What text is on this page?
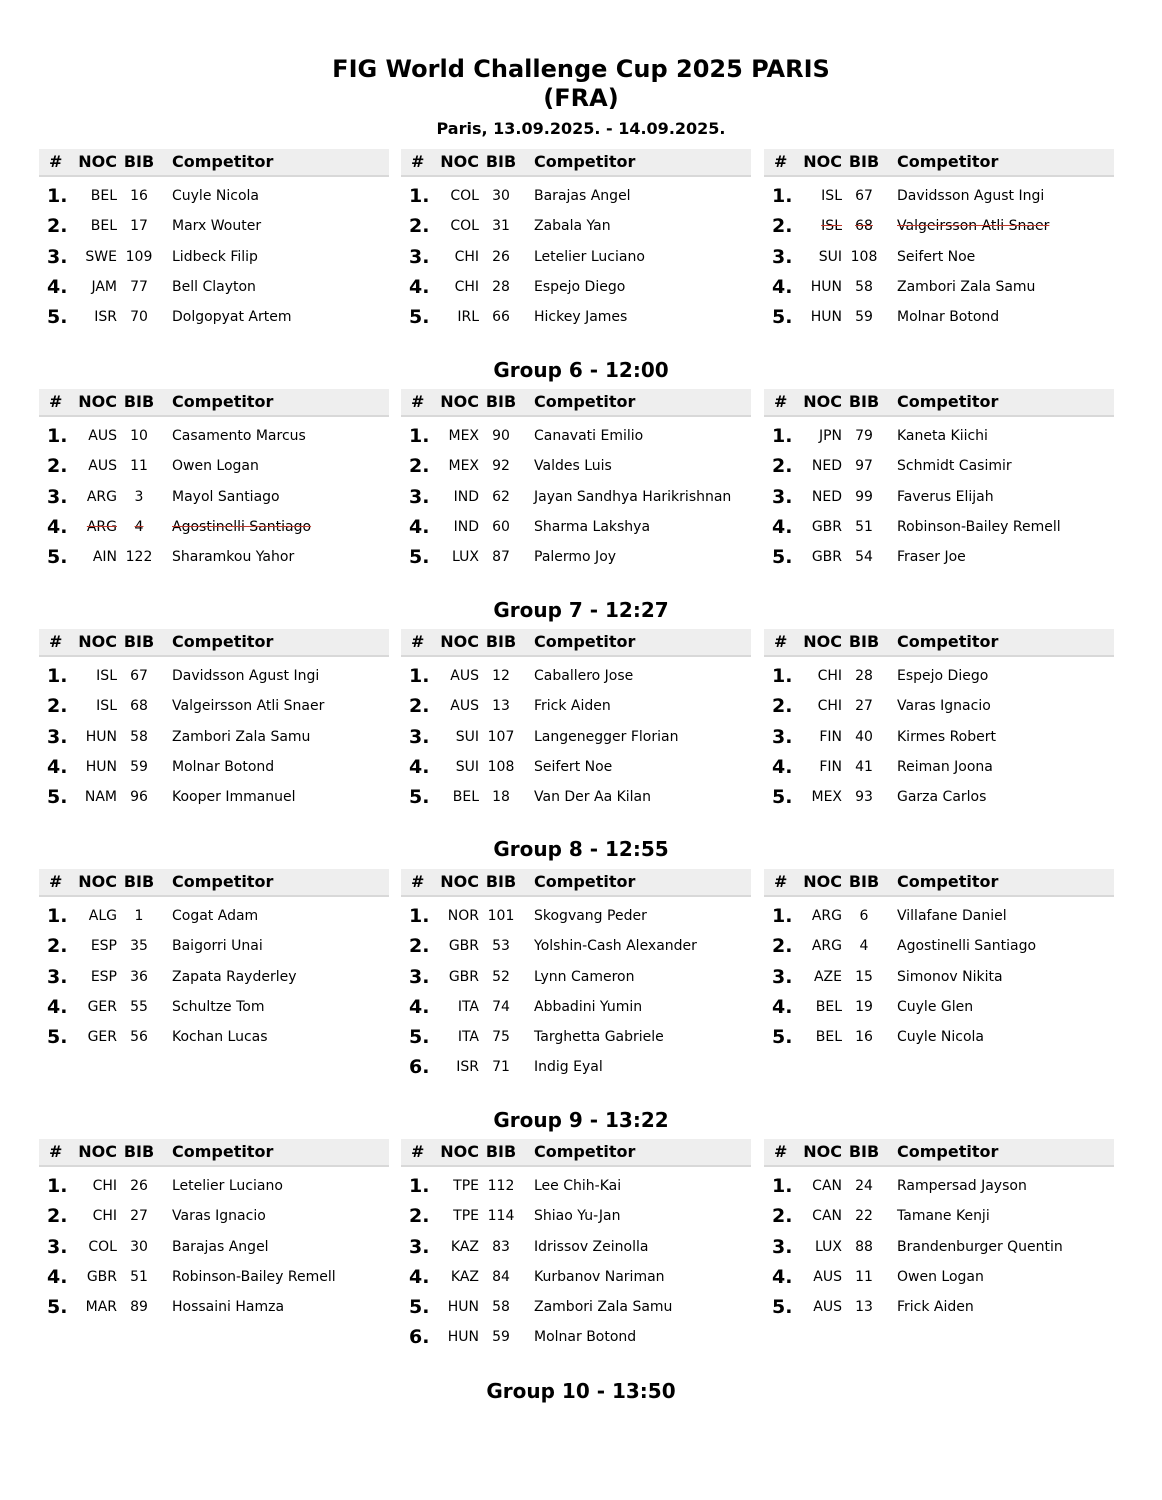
FIG World Challenge Cup 2025 PARIS
(FRA)
Paris, 13.09.2025. - 14.09.2025.
# NOC BIB	Competitor
1.	BEL 16	Cuyle Nicola
2.	BEL 17	Marx Wouter
3.	SWE 109	Lidbeck Filip
4.	JAM 77	Bell Clayton
5.	ISR 70	Dolgopyat Artem
# NOC BIB	Competitor
1.	COL 30	Barajas Angel
2.	COL 31	Zabala Yan
3.	CHI 26	Letelier Luciano
4.	CHI 28	Espejo Diego
5.	IRL 66	Hickey James
# NOC BIB	Competitor
1.	ISL 67	Davidsson Agust Ingi
2.	ISL 68	Valgeirsson Atli Snaer
3.	SUI 108	Seifert Noe
4.	HUN 58	Zambori Zala Samu
5.	HUN 59	Molnar Botond
Group 6 - 12:00
# NOC BIB	Competitor
1.	AUS 10	Casamento Marcus
2.	AUS 11	Owen Logan
3.	ARG	3	Mayol Santiago
4.	ARG	4	Agostinelli Santiago
5.	AIN 122	Sharamkou Yahor
# NOC BIB	Competitor
1.	MEX 90	Canavati Emilio
2.	MEX 92	Valdes Luis
3.	IND 62	Jayan Sandhya Harikrishnan
4.	IND 60	Sharma Lakshya
5.	LUX 87	Palermo Joy
# NOC BIB	Competitor
1.	JPN 79	Kaneta Kiichi
2.	NED 97	Schmidt Casimir
3.	NED 99	Faverus Elijah
4.	GBR 51	Robinson-Bailey Remell
5.	GBR 54	Fraser Joe
Group 7 - 12:27
# NOC BIB	Competitor
1.	ISL 67	Davidsson Agust Ingi
2.	ISL 68	Valgeirsson Atli Snaer
3.	HUN 58	Zambori Zala Samu
4.	HUN 59	Molnar Botond
5.	NAM 96	Kooper Immanuel
# NOC BIB	Competitor
1.	AUS 12	Caballero Jose
2.	AUS 13	Frick Aiden
3.	SUI 107	Langenegger Florian
4.	SUI 108	Seifert Noe
5.	BEL 18	Van Der Aa Kilan
# NOC BIB	Competitor
1.	CHI 28	Espejo Diego
2.	CHI 27	Varas Ignacio
3.	FIN 40	Kirmes Robert
4.	FIN 41	Reiman Joona
5.	MEX 93	Garza Carlos
Group 8 - 12:55
# NOC BIB	Competitor
1.	ALG	1	Cogat Adam
2.	ESP 35	Baigorri Unai
3.	ESP 36	Zapata Rayderley
4.	GER 55	Schultze Tom
5.	GER 56	Kochan Lucas
# NOC BIB	Competitor
1.	NOR 101	Skogvang Peder
2.	GBR 53	Yolshin-Cash Alexander
3.	GBR 52	Lynn Cameron
4.	ITA 74	Abbadini Yumin
5.	ITA 75	Targhetta Gabriele
6.	ISR 71	Indig Eyal
# NOC BIB	Competitor
1.	ARG	6	Villafane Daniel
2.	ARG	4	Agostinelli Santiago
3.	AZE 15	Simonov Nikita
4.	BEL 19	Cuyle Glen
5.	BEL 16	Cuyle Nicola
Group 9 - 13:22
# NOC BIB	Competitor
1.	CHI 26	Letelier Luciano
2.	CHI 27	Varas Ignacio
3.	COL 30	Barajas Angel
4.	GBR 51	Robinson-Bailey Remell
5.	MAR 89	Hossaini Hamza
# NOC BIB	Competitor
1.	TPE 112	Lee Chih-Kai
2.	TPE 114	Shiao Yu-Jan
3.	KAZ 83	Idrissov Zeinolla
4.	KAZ 84	Kurbanov Nariman
5.	HUN 58	Zambori Zala Samu
6.	HUN 59	Molnar Botond
# NOC BIB	Competitor
1.	CAN 24	Rampersad Jayson
2.	CAN 22	Tamane Kenji
3.	LUX 88	Brandenburger Quentin
4.	AUS 11	Owen Logan
5.	AUS 13	Frick Aiden
Group 10 - 13:50
